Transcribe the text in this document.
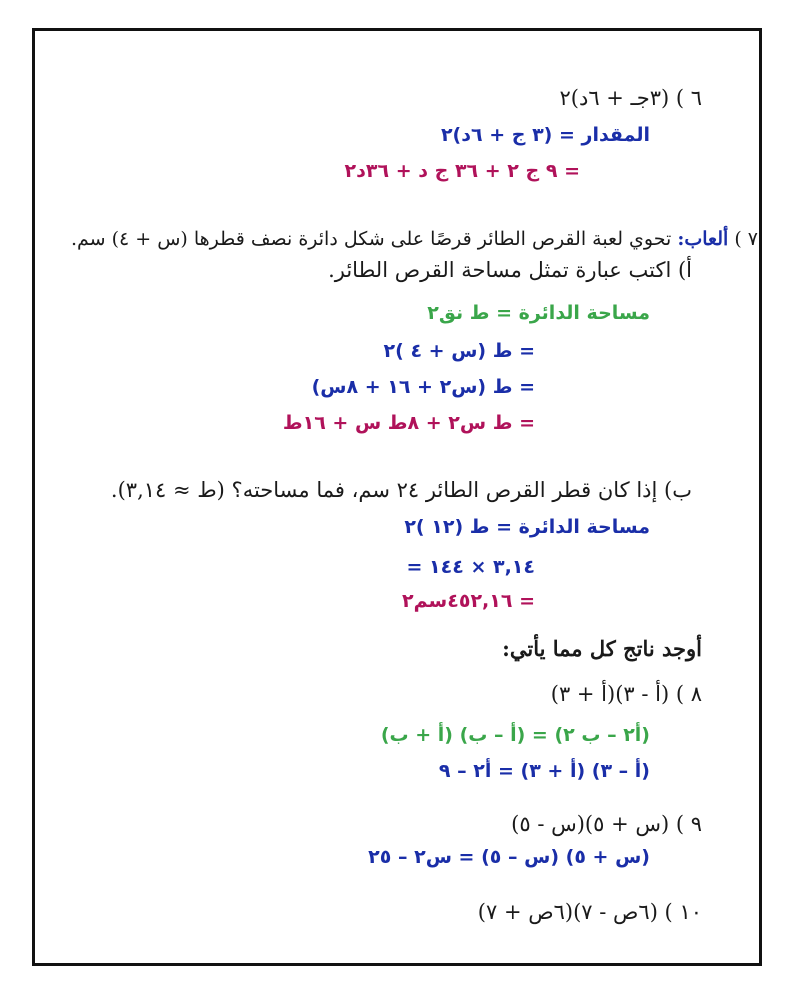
٦ ) (٣جـ + ٦د)٢
المقدار = (٣ ج + ٦د)٢
= ٩ ج ٢ + ٣٦ ج د + ٣٦د٢
٧ ) ألعاب: تحوي لعبة القرص الطائر قرصًا على شكل دائرة نصف قطرها (س + ٤) سم.
أ) اكتب عبارة تمثل مساحة القرص الطائر.
مساحة الدائرة = ط نق٢
= ط (س + ٤ )٢
= ط (س٢ + ١٦ + ٨س)
= ط س٢ + ٨ط س + ١٦ط
ب) إذا كان قطر القرص الطائر ٢٤ سم، فما مساحته؟ (ط ≈ ٣,١٤).
مساحة الدائرة = ط (١٢ )٢
= ٣,١٤ × ١٤٤
= ٤٥٢,١٦سم٢
أوجد ناتج كل مما يأتي:
٨ ) (أ - ٣)(أ + ٣)
(أ٢ – ب ٢) = (أ – ب) (أ + ب)
(أ – ٣) (أ + ٣) = أ٢ – ٩
٩ ) (س + ٥)(س - ٥)
(س + ٥) (س – ٥) = س٢ – ٢٥
١٠ ) (٦ص - ٧)(٦ص + ٧)
